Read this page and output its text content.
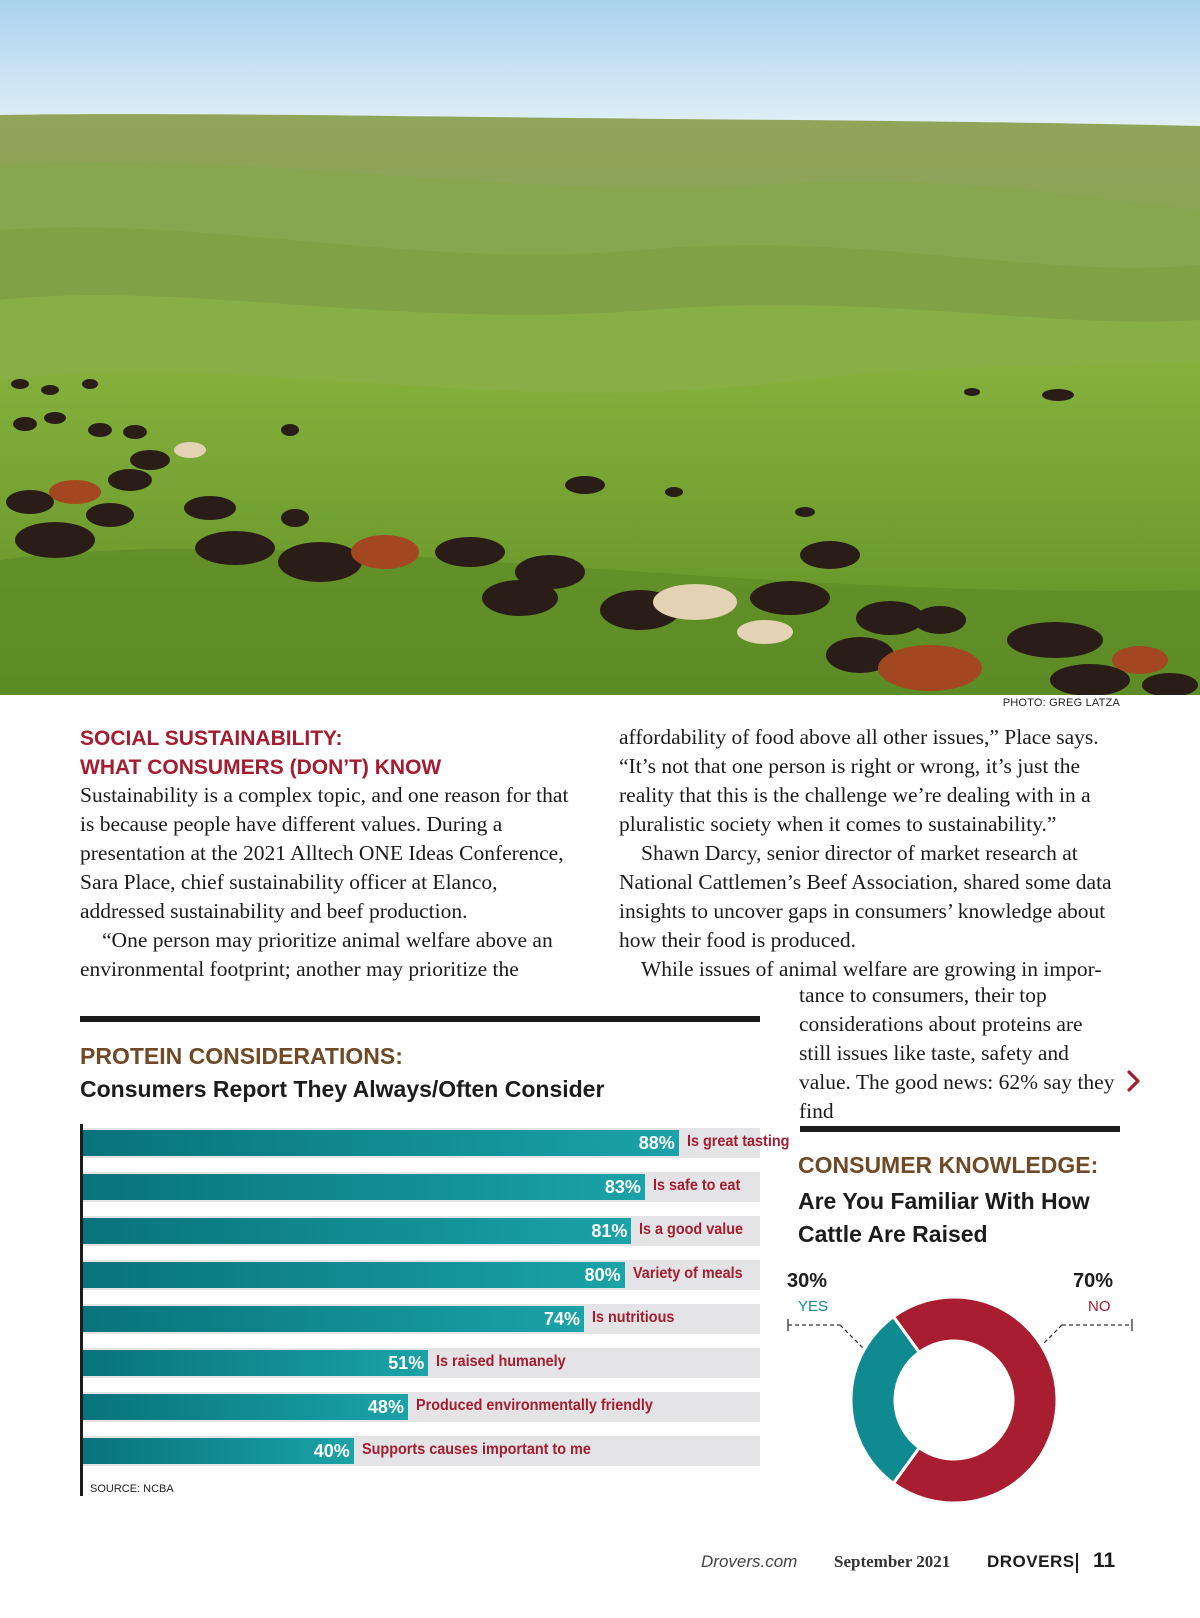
PHOTO: GREG LATZA
SOCIAL SUSTAINABILITY:
WHAT CONSUMERS (DON’T) KNOW

Sustainability is a complex topic, and one reason for that is because people have different values. During a presentation at the 2021 Alltech ONE Ideas Conference, Sara Place, chief sustainability officer at Elanco, addressed sustainability and beef production.

“One person may prioritize animal welfare above an environmental footprint; another may prioritize the

affordability of food above all other issues,” Place says. “It’s not that one person is right or wrong, it’s just the reality that this is the challenge we’re dealing with in a pluralistic society when it comes to sustainability.”

Shawn Darcy, senior director of market research at National Cattlemen’s Beef Association, shared some data insights to uncover gaps in consumers’ knowledge about how their food is produced.

While issues of animal welfare are growing in impor-

tance to consumers, their top considerations about proteins are still issues like taste, safety and value. The good news: 62% say they find

PROTEIN CONSIDERATIONS:
Consumers Report They Always/Often Consider
88% Is great tasting
83% Is safe to eat
81% Is a good value
80% Variety of meals
74% Is nutritious
51% Is raised humanely
48% Produced environmentally friendly
40% Supports causes important to me
SOURCE: NCBA
CONSUMER KNOWLEDGE:
Are You Familiar With How Cattle Are Raised
30%
YES
70%
NO
Drovers.com September 2021 DROVERS 11
